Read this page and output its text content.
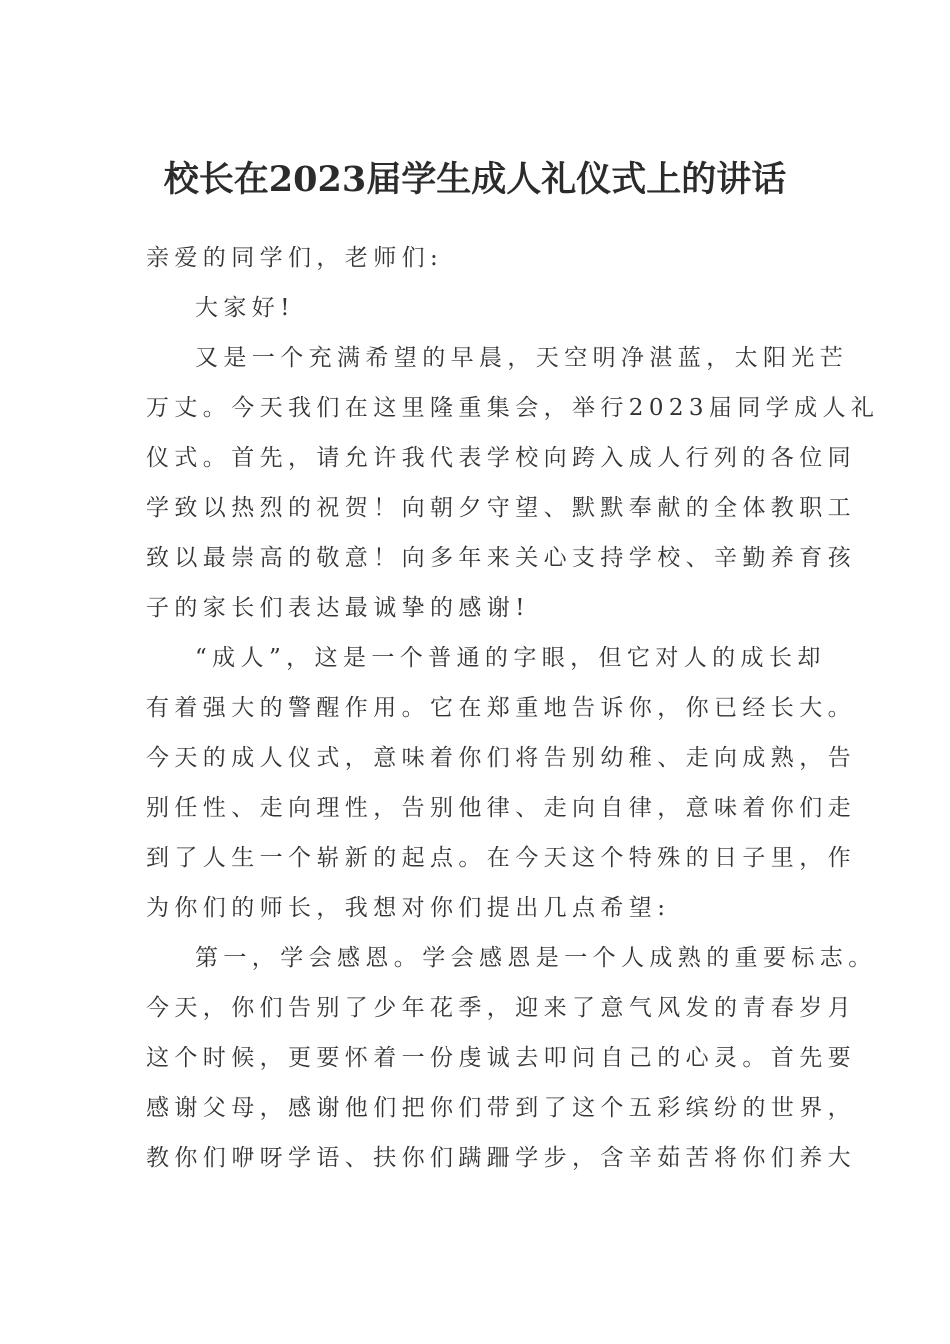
校长在2023届学生成人礼仪式上的讲话
亲爱的同学们，老师们:
大家好!
又是一个充满希望的早晨，天空明净湛蓝，太阳光芒
万丈。今天我们在这里隆重集会，举行2023届同学成人礼
仪式。首先，请允许我代表学校向跨入成人行列的各位同
学致以热烈的祝贺！向朝夕守望、默默奉献的全体教职工
致以最崇高的敬意！向多年来关心支持学校、辛勤养育孩
子的家长们表达最诚挚的感谢!
“成人”，这是一个普通的字眼，但它对人的成长却
有着强大的警醒作用。它在郑重地告诉你，你已经长大。
今天的成人仪式，意味着你们将告别幼稚、走向成熟，告
别任性、走向理性，告别他律、走向自律，意味着你们走
到了人生一个崭新的起点。在今天这个特殊的日子里，作
为你们的师长，我想对你们提出几点希望:
第一，学会感恩。学会感恩是一个人成熟的重要标志。
今天，你们告别了少年花季，迎来了意气风发的青春岁月
这个时候，更要怀着一份虔诚去叩问自己的心灵。首先要
感谢父母，感谢他们把你们带到了这个五彩缤纷的世界，
教你们咿呀学语、扶你们蹒跚学步，含辛茹苦将你们养大
